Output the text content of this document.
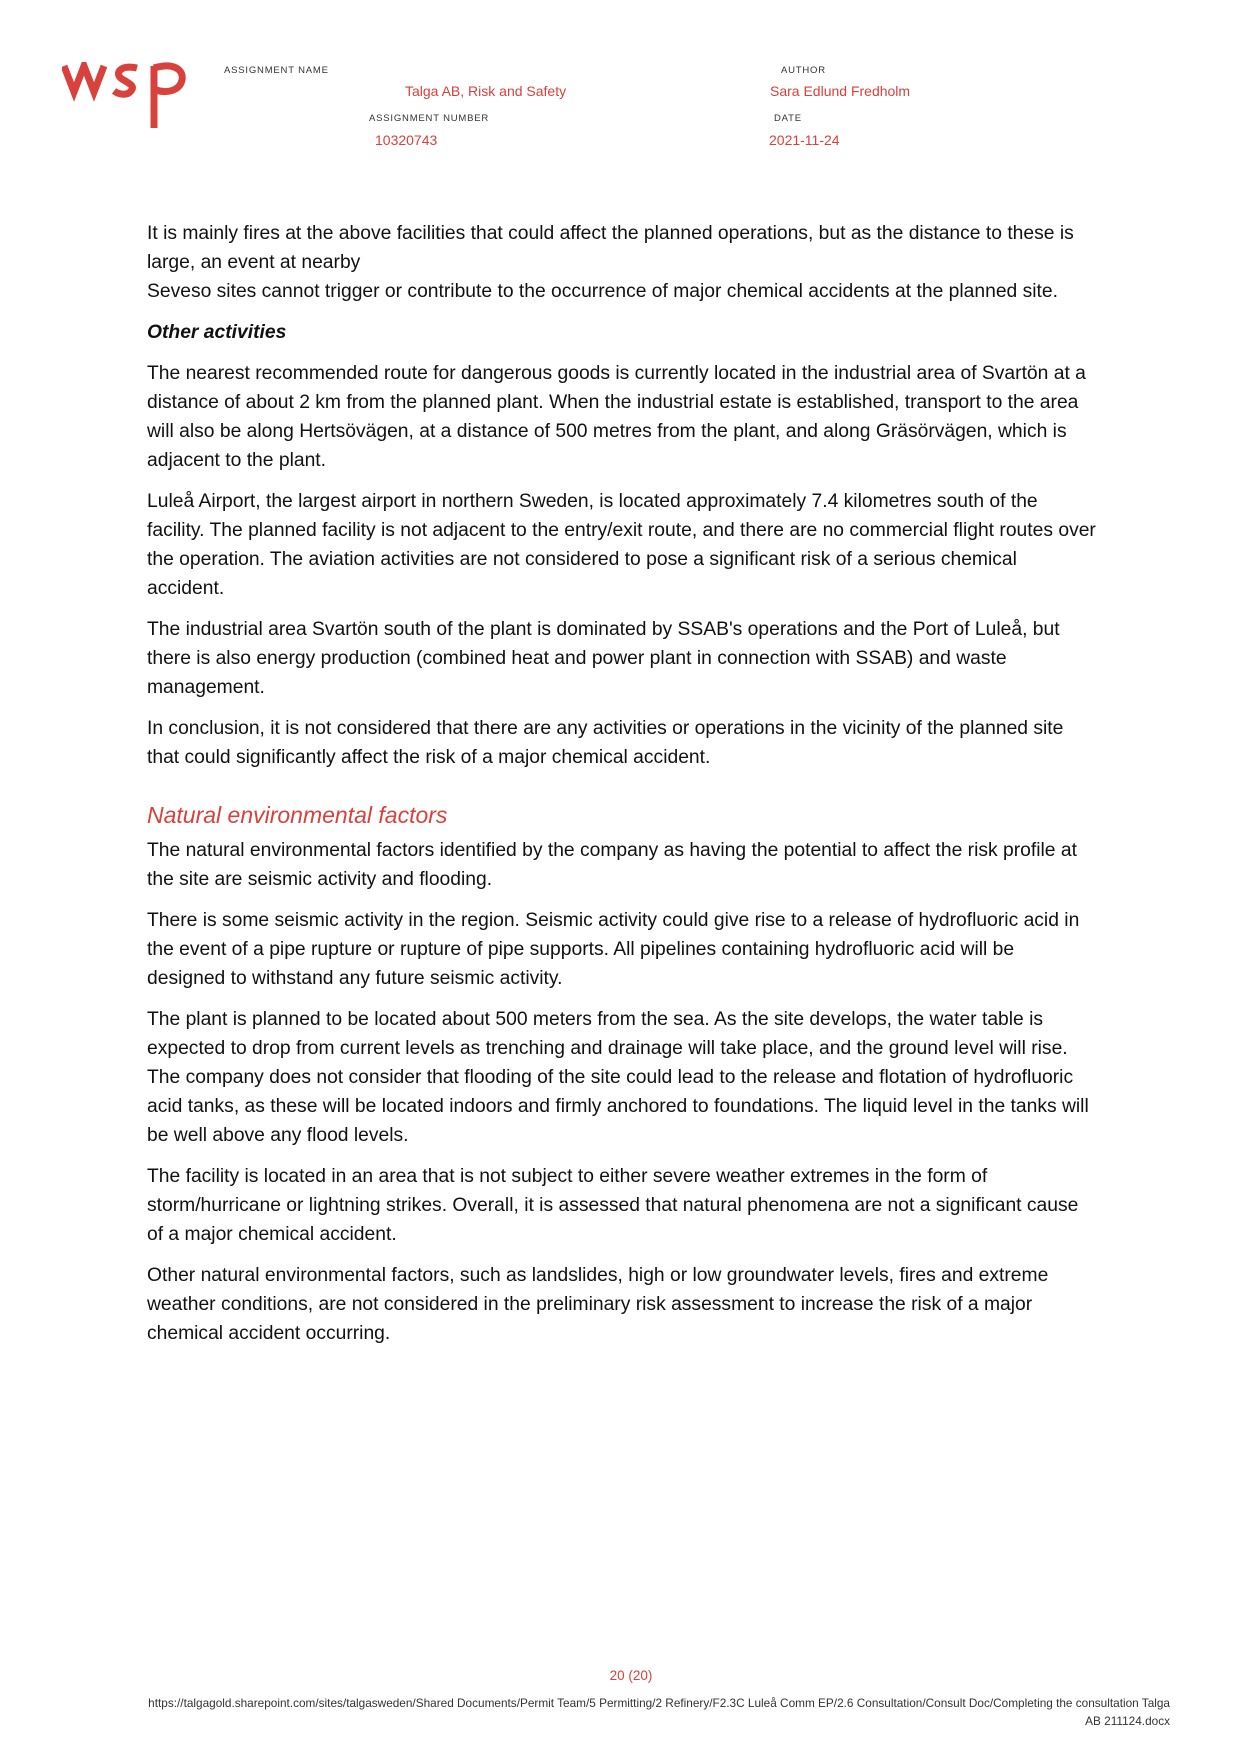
ASSIGNMENT NAME
Talga AB, Risk and Safety
ASSIGNMENT NUMBER
10320743
AUTHOR
Sara Edlund Fredholm
DATE
2021-11-24

It is mainly fires at the above facilities that could affect the planned operations, but as the distance to these is large, an event at nearby
Seveso sites cannot trigger or contribute to the occurrence of major chemical accidents at the planned site.

Other activities

The nearest recommended route for dangerous goods is currently located in the industrial area of Svartön at a distance of about 2 km from the planned plant. When the industrial estate is established, transport to the area will also be along Hertsövägen, at a distance of 500 metres from the plant, and along Gräsörvägen, which is adjacent to the plant.

Luleå Airport, the largest airport in northern Sweden, is located approximately 7.4 kilometres south of the facility. The planned facility is not adjacent to the entry/exit route, and there are no commercial flight routes over the operation. The aviation activities are not considered to pose a significant risk of a serious chemical accident.

The industrial area Svartön south of the plant is dominated by SSAB's operations and the Port of Luleå, but there is also energy production (combined heat and power plant in connection with SSAB) and waste management.

In conclusion, it is not considered that there are any activities or operations in the vicinity of the planned site that could significantly affect the risk of a major chemical accident.

Natural environmental factors

The natural environmental factors identified by the company as having the potential to affect the risk profile at the site are seismic activity and flooding.

There is some seismic activity in the region. Seismic activity could give rise to a release of hydrofluoric acid in the event of a pipe rupture or rupture of pipe supports. All pipelines containing hydrofluoric acid will be designed to withstand any future seismic activity.

The plant is planned to be located about 500 meters from the sea. As the site develops, the water table is expected to drop from current levels as trenching and drainage will take place, and the ground level will rise. The company does not consider that flooding of the site could lead to the release and flotation of hydrofluoric acid tanks, as these will be located indoors and firmly anchored to foundations. The liquid level in the tanks will be well above any flood levels.

The facility is located in an area that is not subject to either severe weather extremes in the form of storm/hurricane or lightning strikes. Overall, it is assessed that natural phenomena are not a significant cause of a major chemical accident.

Other natural environmental factors, such as landslides, high or low groundwater levels, fires and extreme weather conditions, are not considered in the preliminary risk assessment to increase the risk of a major chemical accident occurring.

20 (20)
https://talgagold.sharepoint.com/sites/talgasweden/Shared Documents/Permit Team/5 Permitting/2 Refinery/F2.3C Luleå Comm EP/2.6 Consultation/Consult Doc/Completing the consultation Talga
AB 211124.docx
